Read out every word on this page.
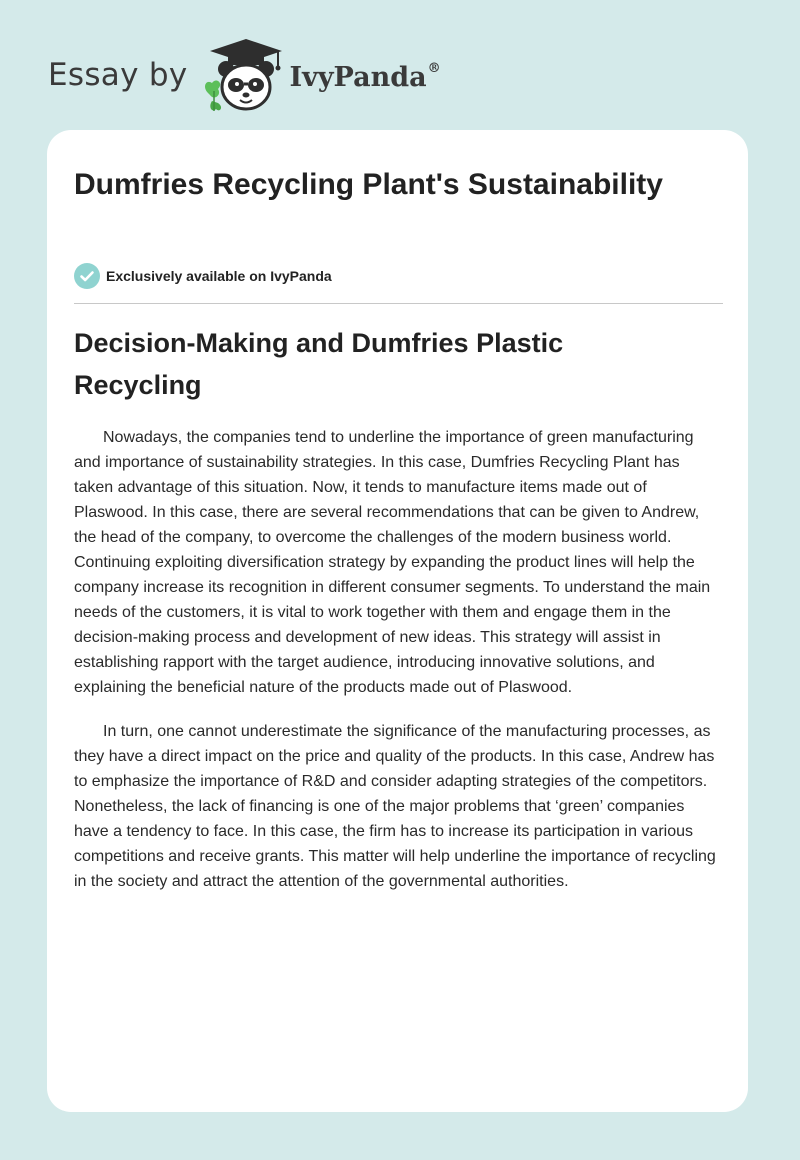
Essay by	IvyPanda®
Dumfries Recycling Plant's Sustainability
Exclusively available on IvyPanda
Decision-Making and Dumfries Plastic Recycling

Nowadays, the companies tend to underline the importance of green manufacturing and importance of sustainability strategies. In this case, Dumfries Recycling Plant has taken advantage of this situation. Now, it tends to manufacture items made out of Plaswood. In this case, there are several recommendations that can be given to Andrew, the head of the company, to overcome the challenges of the modern business world. Continuing exploiting diversification strategy by expanding the product lines will help the company increase its recognition in different consumer segments. To understand the main needs of the customers, it is vital to work together with them and engage them in the decision-making process and development of new ideas. This strategy will assist in establishing rapport with the target audience, introducing innovative solutions, and explaining the beneficial nature of the products made out of Plaswood.

In turn, one cannot underestimate the significance of the manufacturing processes, as they have a direct impact on the price and quality of the products. In this case, Andrew has to emphasize the importance of R&D and consider adapting strategies of the competitors. Nonetheless, the lack of financing is one of the major problems that ‘green’ companies have a tendency to face. In this case, the firm has to increase its participation in various competitions and receive grants. This matter will help underline the importance of recycling in the society and attract the attention of the governmental authorities.
